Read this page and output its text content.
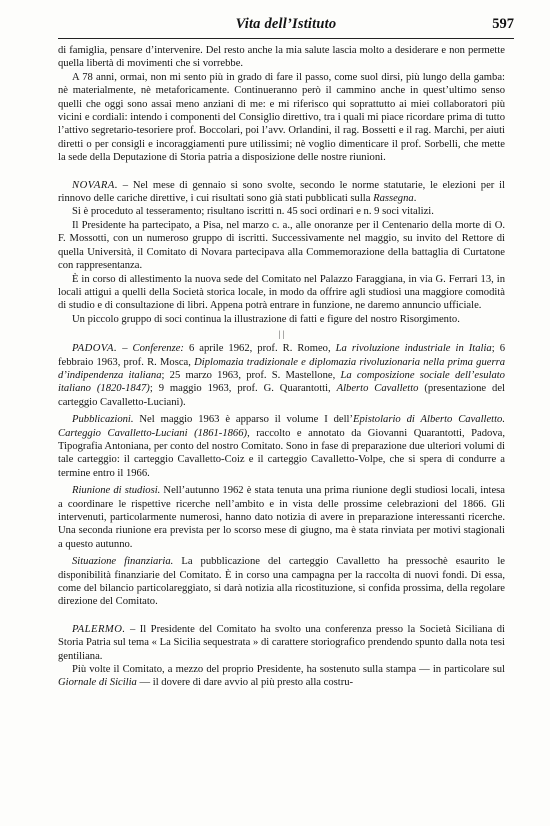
Vita dell’Istituto	597

di famiglia, pensare d’intervenire. Del resto anche la mia salute lascia molto a desiderare e non permette quella libertà di movimenti che si vorrebbe.

A 78 anni, ormai, non mi sento più in grado di fare il passo, come suol dirsi, più lungo della gamba: nè materialmente, nè metaforicamente. Continueranno però il cammino anche in quest’ultimo senso quelli che oggi sono assai meno anziani di me: e mi riferisco qui soprattutto ai miei collaboratori più vicini e cordiali: intendo i componenti del Consiglio direttivo, tra i quali mi piace ricordare prima di tutto l’attivo segretario-tesoriere prof. Boccolari, poi l’avv. Orlandini, il rag. Bossetti e il rag. Marchi, per aiuti diretti o per consigli e incoraggiamenti pure utilissimi; nè voglio dimenticare il prof. Sorbelli, che mette la sede della Deputazione di Storia patria a disposizione delle nostre riunioni.

NOVARA. – Nel mese di gennaio si sono svolte, secondo le norme statutarie, le elezioni per il rinnovo delle cariche direttive, i cui risultati sono già stati pubblicati sulla Rassegna.

Si è proceduto al tesseramento; risultano iscritti n. 45 soci ordinari e n. 9 soci vitalizi.

Il Presidente ha partecipato, a Pisa, nel marzo c. a., alle onoranze per il Centenario della morte di O. F. Mossotti, con un numeroso gruppo di iscritti. Successivamente nel maggio, su invito del Rettore di quella Università, il Comitato di Novara partecipava alla Commemorazione della battaglia di Curtatone con rappresentanza.

È in corso di allestimento la nuova sede del Comitato nel Palazzo Faraggiana, in via G. Ferrari 13, in locali attigui a quelli della Società storica locale, in modo da offrire agli studiosi una maggiore comodità di studio e di consultazione di libri. Appena potrà entrare in funzione, ne daremo annuncio ufficiale.

Un piccolo gruppo di soci continua la illustrazione di fatti e figure del nostro Risorgimento.

| |

PADOVA. – Conferenze: 6 aprile 1962, prof. R. Romeo, La rivoluzione industriale in Italia; 6 febbraio 1963, prof. R. Mosca, Diplomazia tradizionale e diplomazia rivoluzionaria nella prima guerra d’indipendenza italiana; 25 marzo 1963, prof. S. Mastellone, La composizione sociale dell’esulato italiano (1820-1847); 9 maggio 1963, prof. G. Quarantotti, Alberto Cavalletto (presentazione del carteggio Cavalletto-Luciani).

Pubblicazioni. Nel maggio 1963 è apparso il volume I dell’Epistolario di Alberto Cavalletto. Carteggio Cavalletto-Luciani (1861-1866), raccolto e annotato da Giovanni Quarantotti, Padova, Tipografia Antoniana, per conto del nostro Comitato. Sono in fase di preparazione due ulteriori volumi di tale carteggio: il carteggio Cavalletto-Coiz e il carteggio Cavalletto-Volpe, che si spera di condurre a termine entro il 1966.

Riunione di studiosi. Nell’autunno 1962 è stata tenuta una prima riunione degli studiosi locali, intesa a coordinare le rispettive ricerche nell’ambito e in vista delle prossime celebrazioni del 1866. Gli intervenuti, particolarmente numerosi, hanno dato notizia di avere in preparazione interessanti ricerche. Una seconda riunione era prevista per lo scorso mese di giugno, ma è stata rinviata per motivi stagionali a questo autunno.

Situazione finanziaria. La pubblicazione del carteggio Cavalletto ha pressochè esaurito le disponibilità finanziarie del Comitato. È in corso una campagna per la raccolta di nuovi fondi. Di essa, come del bilancio particolareggiato, si darà notizia alla ricostituzione, si confida prossima, della regolare direzione del Comitato.

PALERMO. – Il Presidente del Comitato ha svolto una conferenza presso la Società Siciliana di Storia Patria sul tema « La Sicilia sequestrata » di carattere storiografico prendendo spunto dalla nota tesi gentiliana.

Più volte il Comitato, a mezzo del proprio Presidente, ha sostenuto sulla stampa — in particolare sul Giornale di Sicilia — il dovere di dare avvio al più presto alla costru-
